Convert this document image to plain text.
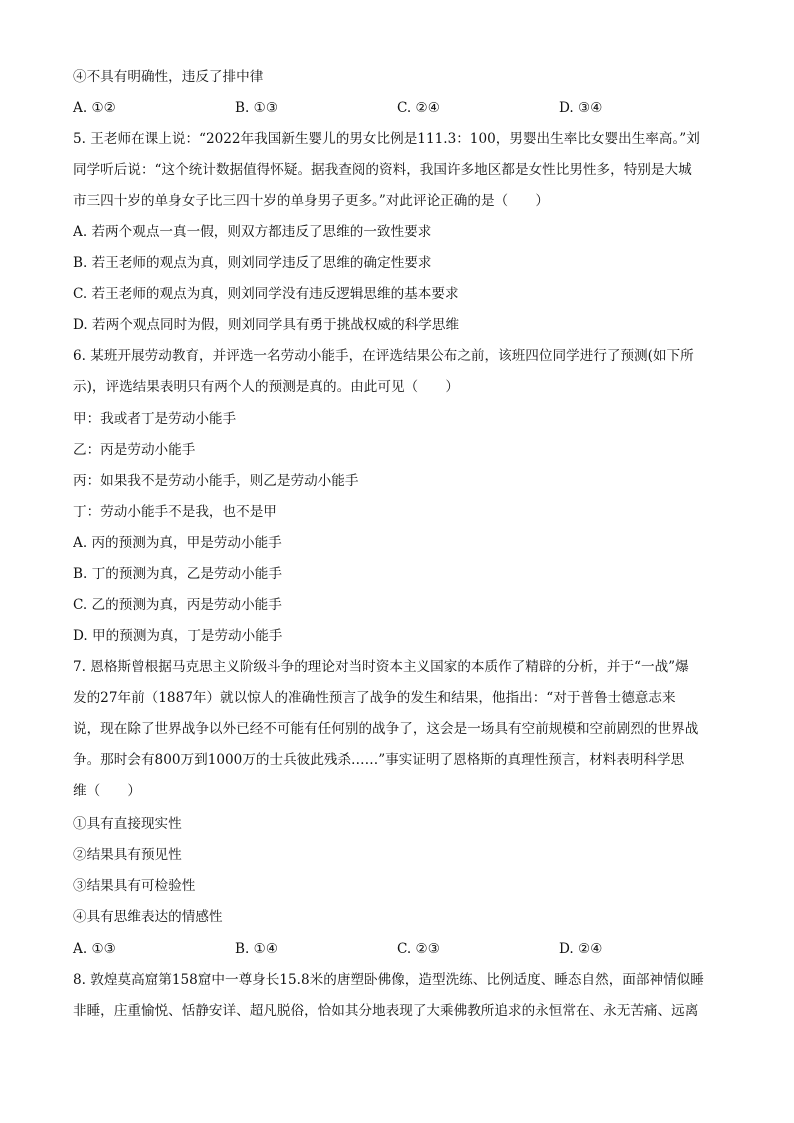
④不具有明确性，违反了排中律
A. ①②	B. ①③	C. ②④	D. ③④
5. 王老师在课上说：“2022年我国新生婴儿的男女比例是111.3：100，男婴出生率比女婴出生率高。”刘
同学听后说：“这个统计数据值得怀疑。据我查阅的资料，我国许多地区都是女性比男性多，特别是大城
市三四十岁的单身女子比三四十岁的单身男子更多。”对此评论正确的是（　　）
A. 若两个观点一真一假，则双方都违反了思维的一致性要求
B. 若王老师的观点为真，则刘同学违反了思维的确定性要求
C. 若王老师的观点为真，则刘同学没有违反逻辑思维的基本要求
D. 若两个观点同时为假，则刘同学具有勇于挑战权威的科学思维
6. 某班开展劳动教育，并评选一名劳动小能手，在评选结果公布之前，该班四位同学进行了预测(如下所
示)，评选结果表明只有两个人的预测是真的。由此可见（　　）
甲：我或者丁是劳动小能手
乙：丙是劳动小能手
丙：如果我不是劳动小能手，则乙是劳动小能手
丁：劳动小能手不是我，也不是甲
A. 丙的预测为真，甲是劳动小能手
B. 丁的预测为真，乙是劳动小能手
C. 乙的预测为真，丙是劳动小能手
D. 甲的预测为真，丁是劳动小能手
7. 恩格斯曾根据马克思主义阶级斗争的理论对当时资本主义国家的本质作了精辟的分析，并于“一战”爆
发的27年前（1887年）就以惊人的准确性预言了战争的发生和结果，他指出：“对于普鲁士德意志来
说，现在除了世界战争以外已经不可能有任何别的战争了，这会是一场具有空前规模和空前剧烈的世界战
争。那时会有800万到1000万的士兵彼此残杀……”事实证明了恩格斯的真理性预言，材料表明科学思
维（　　）
①具有直接现实性
②结果具有预见性
③结果具有可检验性
④具有思维表达的情感性
A. ①③	B. ①④	C. ②③	D. ②④
8. 敦煌莫高窟第158窟中一尊身长15.8米的唐塑卧佛像，造型洗练、比例适度、睡态自然，面部神情似睡
非睡，庄重愉悦、恬静安详、超凡脱俗，恰如其分地表现了大乘佛教所追求的永恒常在、永无苦痛、远离
